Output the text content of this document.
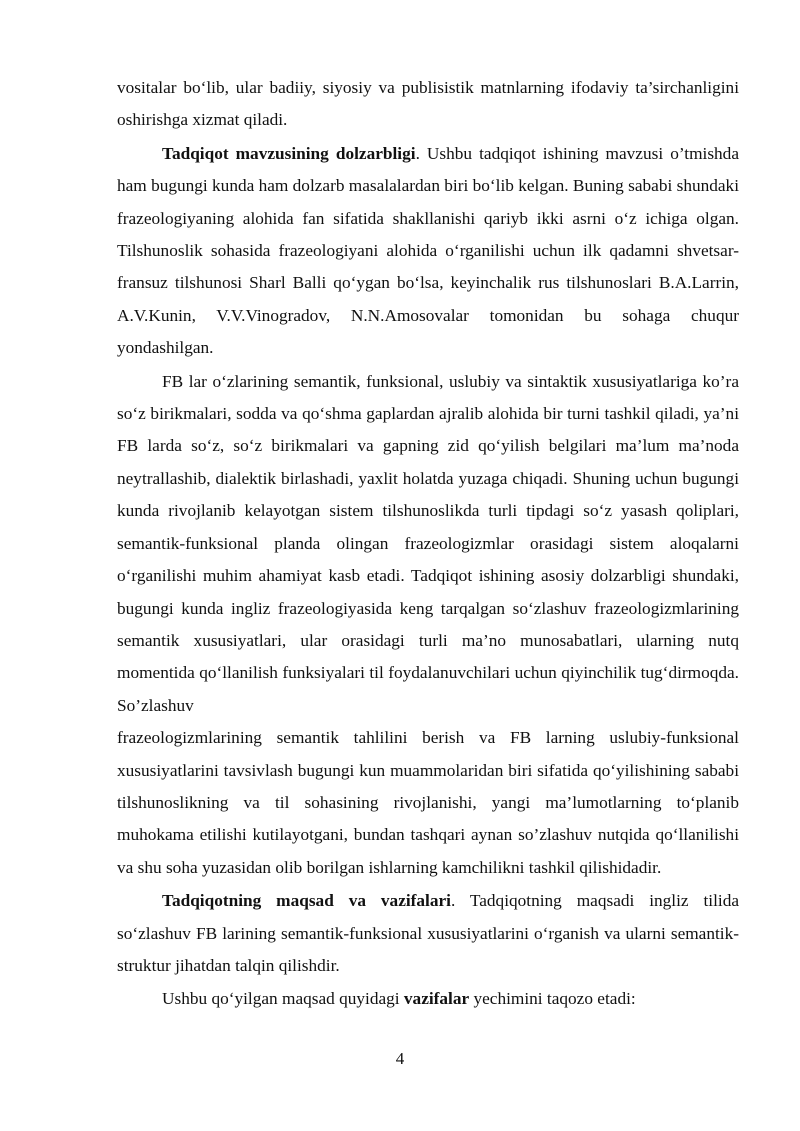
vositalar bo‘lib, ular badiiy, siyosiy va publisistik matnlarning ifodaviy ta’sirchanligini oshirishga xizmat qiladi.

Tadqiqot mavzusining dolzarbligi. Ushbu tadqiqot ishining mavzusi o’tmishda ham bugungi kunda ham dolzarb masalalardan biri bo‘lib kelgan. Buning sababi shundaki frazeologiyaning alohida fan sifatida shakllanishi qariyb ikki asrni o‘z ichiga olgan. Tilshunoslik sohasida frazeologiyani alohida o‘rganilishi uchun ilk qadamni shvetsar-fransuz tilshunosi Sharl Balli qo‘ygan bo‘lsa, keyinchalik rus tilshunoslari B.A.Larrin, A.V.Kunin, V.V.Vinogradov, N.N.Amosovalar tomonidan bu sohaga chuqur yondashilgan.

FB lar o‘zlarining semantik, funksional, uslubiy va sintaktik xususiyatlariga ko’ra so‘z birikmalari, sodda va qo‘shma gaplardan ajralib alohida bir turni tashkil qiladi, ya’ni FB larda so‘z, so‘z birikmalari va gapning zid qo‘yilish belgilari ma’lum ma’noda neytrallashib, dialektik birlashadi, yaxlit holatda yuzaga chiqadi. Shuning uchun bugungi kunda rivojlanib kelayotgan sistem tilshunoslikda turli tipdagi so‘z yasash qoliplari, semantik-funksional planda olingan frazeologizmlar orasidagi sistem aloqalarni o‘rganilishi muhim ahamiyat kasb etadi. Tadqiqot ishining asosiy dolzarbligi shundaki, bugungi kunda ingliz frazeologiyasida keng tarqalgan so‘zlashuv frazeologizmlarining semantik xususiyatlari, ular orasidagi turli ma’no munosabatlari, ularning nutq momentida qo‘llanilish funksiyalari til foydalanuvchilari uchun qiyinchilik tug‘dirmoqda. So’zlashuv

frazeologizmlarining semantik tahlilini berish va FB larning uslubiy-funksional xususiyatlarini tavsivlash bugungi kun muammolaridan biri sifatida qo‘yilishining sababi tilshunoslikning va til sohasining rivojlanishi, yangi ma’lumotlarning to‘planib muhokama etilishi kutilayotgani, bundan tashqari aynan so’zlashuv nutqida qo‘llanilishi va shu soha yuzasidan olib borilgan ishlarning kamchilikni tashkil qilishidadir.

Tadqiqotning maqsad va vazifalari. Tadqiqotning maqsadi ingliz tilida so‘zlashuv FB larining semantik-funksional xususiyatlarini o‘rganish va ularni semantik-struktur jihatdan talqin qilishdir.

Ushbu qo‘yilgan maqsad quyidagi vazifalar yechimini taqozo etadi:

4
